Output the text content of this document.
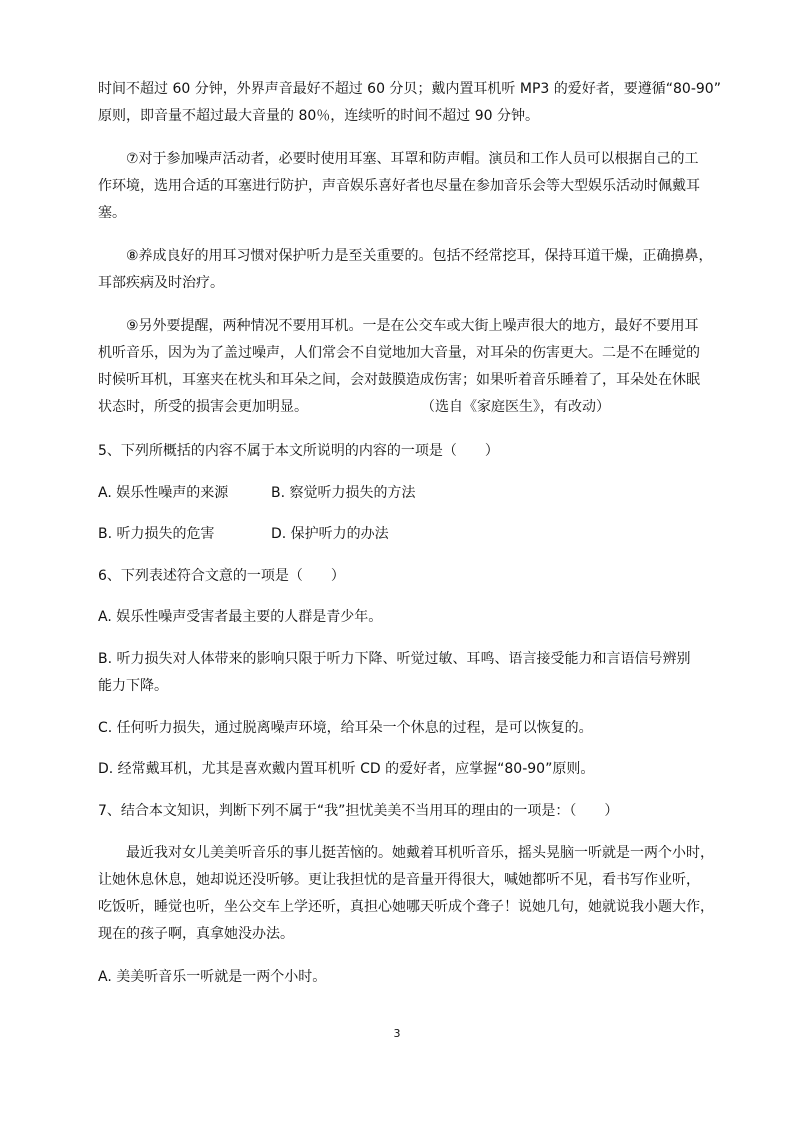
时间不超过 60 分钟，外界声音最好不超过 60 分贝；戴内置耳机听 MP3 的爱好者，要遵循“80-90”
原则，即音量不超过最大音量的 80％，连续听的时间不超过 90 分钟。
⑦对于参加噪声活动者，必要时使用耳塞、耳罩和防声帽。演员和工作人员可以根据自己的工
作环境，选用合适的耳塞进行防护，声音娱乐喜好者也尽量在参加音乐会等大型娱乐活动时佩戴耳
塞。
⑧养成良好的用耳习惯对保护听力是至关重要的。包括不经常挖耳，保持耳道干燥，正确擤鼻，
耳部疾病及时治疗。
⑨另外要提醒，两种情况不要用耳机。一是在公交车或大街上噪声很大的地方，最好不要用耳
机听音乐，因为为了盖过噪声，人们常会不自觉地加大音量，对耳朵的伤害更大。二是不在睡觉的
时候听耳机，耳塞夹在枕头和耳朵之间，会对鼓膜造成伤害；如果听着音乐睡着了，耳朵处在休眠
状态时，所受的损害会更加明显。	（选自《家庭医生》，有改动）
5、下列所概括的内容不属于本文所说明的内容的一项是（　　）
A. 娱乐性噪声的来源	B. 察觉听力损失的方法
B. 听力损失的危害	D. 保护听力的办法
6、下列表述符合文意的一项是（　　）
A. 娱乐性噪声受害者最主要的人群是青少年。
B. 听力损失对人体带来的影响只限于听力下降、听觉过敏、耳鸣、语言接受能力和言语信号辨别
能力下降。
C. 任何听力损失，通过脱离噪声环境，给耳朵一个休息的过程，是可以恢复的。
D. 经常戴耳机，尤其是喜欢戴内置耳机听 CD 的爱好者，应掌握“80-90”原则。
7、结合本文知识，判断下列不属于“我”担忧美美不当用耳的理由的一项是：（　　）
最近我对女儿美美听音乐的事儿挺苦恼的。她戴着耳机听音乐，摇头晃脑一听就是一两个小时，
让她休息休息，她却说还没听够。更让我担忧的是音量开得很大，喊她都听不见，看书写作业听，
吃饭听，睡觉也听，坐公交车上学还听，真担心她哪天听成个聋子！说她几句，她就说我小题大作，
现在的孩子啊，真拿她没办法。
A. 美美听音乐一听就是一两个小时。
3
